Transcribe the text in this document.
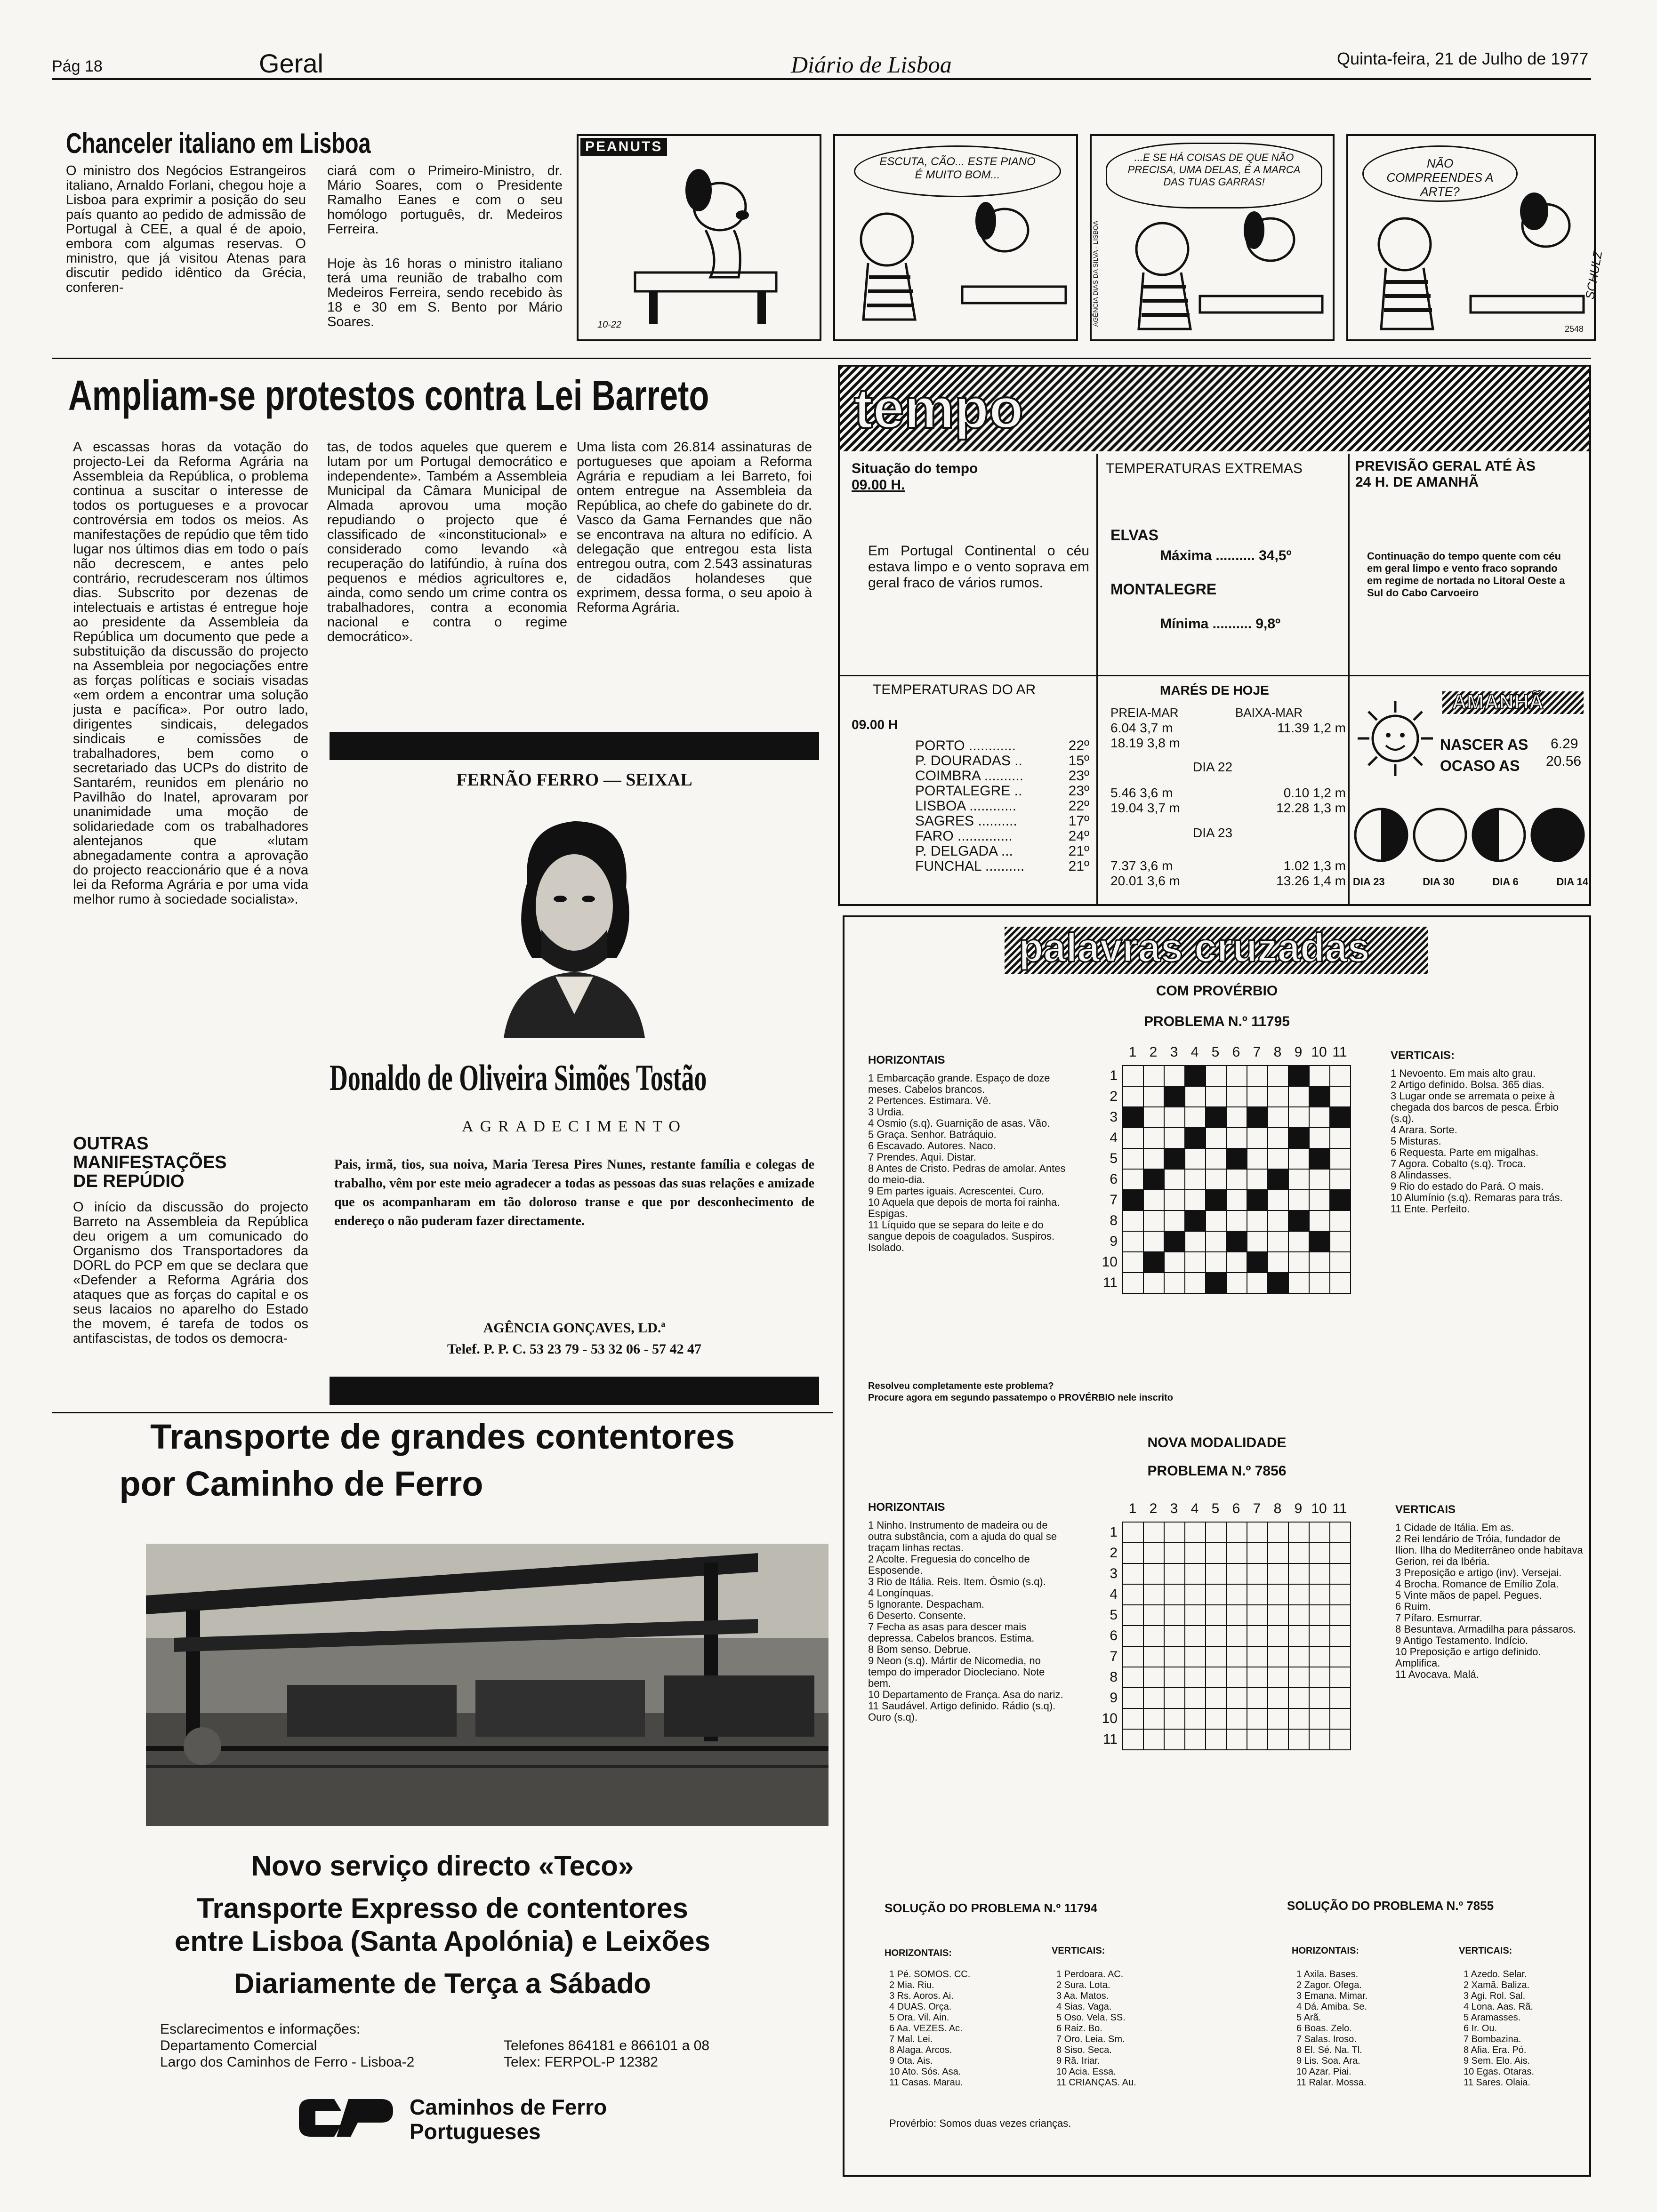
Pág 18	Geral	Diário de Lisboa	Quinta-feira, 21 de Julho de 1977
Chanceler italiano em Lisboa
O ministro dos Negócios Estrangeiros italiano, Arnaldo Forlani, chegou hoje a Lisboa para exprimir a posição do seu país quanto ao pedido de admissão de Portugal à CEE, a qual é de apoio, embora com algumas reservas. O ministro, que já visitou Atenas para discutir pedido idêntico da Grécia, conferen-
ciará com o Primeiro-Ministro, dr. Mário Soares, com o Presidente Ramalho Eanes e com o seu homólogo português, dr. Medeiros Ferreira.
Hoje às 16 horas o ministro italiano terá uma reunião de trabalho com Medeiros Ferreira, sendo recebido às 18 e 30 em S. Bento por Mário Soares.
PEANUTS
10-22
ESCUTA, CÃO... ESTE PIANO É MUITO BOM...
...E SE HÁ COISAS DE QUE NÃO PRECISA, UMA DELAS, É A MARCA DAS TUAS GARRAS!
AGÊNCIA DIAS DA SILVA - LISBOA
NÃO COMPREENDES A ARTE?
SCHULZ
2548
Ampliam-se protestos contra Lei Barreto
A escassas horas da votação do projecto-Lei da Reforma Agrária na Assembleia da República, o problema continua a suscitar o interesse de todos os portugueses e a provocar controvérsia em todos os meios. As manifestações de repúdio que têm tido lugar nos últimos dias em todo o país não decrescem, e antes pelo contrário, recrudesceram nos últimos dias. Subscrito por dezenas de intelectuais e artistas é entregue hoje ao presidente da Assembleia da República um documento que pede a substituição da discussão do projecto na Assembleia por negociações entre as forças políticas e sociais visadas «em ordem a encontrar uma solução justa e pacífica». Por outro lado, dirigentes sindicais, delegados sindicais e comissões de trabalhadores, bem como o secretariado das UCPs do distrito de Santarém, reunidos em plenário no Pavilhão do Inatel, aprovaram por unanimidade uma moção de solidariedade com os trabalhadores alentejanos que «lutam abnegadamente contra a aprovação do projecto reaccionário que é a nova lei da Reforma Agrária e por uma vida melhor rumo à sociedade socialista».
OUTRAS MANIFESTAÇÕES DE REPÚDIO
O início da discussão do projecto Barreto na Assembleia da República deu origem a um comunicado do Organismo dos Transportadores da DORL do PCP em que se declara que «Defender a Reforma Agrária dos ataques que as forças do capital e os seus lacaios no aparelho do Estado the movem, é tarefa de todos os antifascistas, de todos os democra-
tas, de todos aqueles que querem e lutam por um Portugal democrático e independente». Também a Assembleia Municipal da Câmara Municipal de Almada aprovou uma moção repudiando o projecto que é classificado de «inconstitucional» e considerado como levando «à recuperação do latifúndio, à ruína dos pequenos e médios agricultores e, ainda, como sendo um crime contra os trabalhadores, contra a economia nacional e contra o regime democrático».
Uma lista com 26.814 assinaturas de portugueses que apoiam a Reforma Agrária e repudiam a lei Barreto, foi ontem entregue na Assembleia da República, ao chefe do gabinete do dr. Vasco da Gama Fernandes que não se encontrava na altura no edifício. A delegação que entregou esta lista entregou outra, com 2.543 assinaturas de cidadãos holandeses que exprimem, dessa forma, o seu apoio à Reforma Agrária.
FERNÃO FERRO — SEIXAL
Donaldo de Oliveira Simões Tostão
AGRADECIMENTO
Pais, irmã, tios, sua noiva, Maria Teresa Pires Nunes, restante família e colegas de trabalho, vêm por este meio agradecer a todas as pessoas das suas relações e amizade que os acompanharam em tão doloroso transe e que por desconhecimento de endereço o não puderam fazer directamente.
AGÊNCIA GONÇAVES, LD.ª
Telef. P. P. C. 53 23 79 - 53 32 06 - 57 42 47
Transporte de grandes contentores
por Caminho de Ferro
Novo serviço directo «Teco»
Transporte Expresso de contentores
entre Lisboa (Santa Apolónia) e Leixões
Diariamente de Terça a Sábado
Esclarecimentos e informações:
Departamento Comercial
Largo dos Caminhos de Ferro - Lisboa-2
Telefones 864181 e 866101 a 08
Telex: FERPOL-P 12382
Caminhos de Ferro
Portugueses
tempo
Situação do tempo
09.00 H.
Em Portugal Continental o céu estava limpo e o vento soprava em geral fraco de vários rumos.
TEMPERATURAS EXTREMAS
ELVAS
Máxima .......... 34,5º
MONTALEGRE
Mínima .......... 9,8º
PREVISÃO GERAL ATÉ ÀS 24 H. DE AMANHÃ
Continuação do tempo quente com céu em geral limpo e vento fraco soprando em regime de nortada no Litoral Oeste a Sul do Cabo Carvoeiro
TEMPERATURAS DO AR
09.00 H
PORTO ............	22º
P. DOURADAS ..	15º
COIMBRA ..........	23º
PORTALEGRE ..	23º
LISBOA ............	22º
SAGRES ..........	17º
FARO ..............	24º
P. DELGADA ...	21º
FUNCHAL ..........	21º
MARÉS DE HOJE
PREIA-MAR	BAIXA-MAR
6.04 3,7 m	11.39 1,2 m
18.19 3,8 m
DIA 22
5.46 3,6 m	0.10 1,2 m
19.04 3,7 m	12.28 1,3 m
DIA 23
7.37 3,6 m	1.02 1,3 m
20.01 3,6 m	13.26 1,4 m
AMANHÃ
NASCER AS 6.29
OCASO AS 20.56
DIA 23	DIA 30	DIA 6	DIA 14
palavras cruzadas
COM PROVÉRBIO
PROBLEMA N.º 11795
HORIZONTAIS	VERTICAIS:
1 Embarcação grande. Espaço de doze meses. Cabelos brancos.
2 Pertences. Estimara. Vê.
3 Urdia.
4 Osmio (s.q). Guarnição de asas. Vão.
5 Graça. Senhor. Batráquio.
6 Escavado. Autores. Naco.
7 Prendes. Aqui. Distar.
8 Antes de Cristo. Pedras de amolar. Antes do meio-dia.
9 Em partes iguais. Acrescentei. Curo.
10 Aquela que depois de morta foi rainha. Espigas.
11 Líquido que se separa do leite e do sangue depois de coagulados. Suspiros. Isolado.
1 Nevoento. Em mais alto grau.
2 Artigo definido. Bolsa. 365 dias.
3 Lugar onde se arremata o peixe à chegada dos barcos de pesca. Érbio (s.q).
4 Arara. Sorte.
5 Misturas.
6 Requesta. Parte em migalhas.
7 Agora. Cobalto (s.q). Troca.
8 Alindasses.
9 Rio do estado do Pará. O mais.
10 Alumínio (s.q). Remaras para trás.
11 Ente. Perfeito.
1 2 3 4 5 6 7 8 9 10 11
1
2
3
4
5
6
7
8
9
10
11
Resolveu completamente este problema?
Procure agora em segundo passatempo o PROVÉRBIO nele inscrito
NOVA MODALIDADE
PROBLEMA N.º 7856
HORIZONTAIS	VERTICAIS
1 Ninho. Instrumento de madeira ou de outra substância, com a ajuda do qual se traçam linhas rectas.
2 Acolte. Freguesia do concelho de Esposende.
3 Rio de Itália. Reis. Item. Ósmio (s.q).
4 Longínquas.
5 Ignorante. Despacham.
6 Deserto. Consente.
7 Fecha as asas para descer mais depressa. Cabelos brancos. Estima.
8 Bom senso. Debrue.
9 Neon (s.q). Mártir de Nicomedia, no tempo do imperador Diocleciano. Note bem.
10 Departamento de França. Asa do nariz.
11 Saudável. Artigo definido. Rádio (s.q). Ouro (s.q).
1 Cidade de Itália. Em as.
2 Rei lendário de Tróia, fundador de Ilion. Ilha do Mediterrâneo onde habitava Gerion, rei da Ibéria.
3 Preposição e artigo (inv). Versejai.
4 Brocha. Romance de Emílio Zola.
5 Vinte mãos de papel. Pegues.
6 Ruim.
7 Pífaro. Esmurrar.
8 Besuntava. Armadilha para pássaros.
9 Antigo Testamento. Indício.
10 Preposição e artigo definido. Amplifica.
11 Avocava. Malá.
1 2 3 4 5 6 7 8 9 10 11
1
2
3
4
5
6
7
8
9
10
11
SOLUÇÃO DO PROBLEMA N.º 11794	SOLUÇÃO DO PROBLEMA N.º 7855
HORIZONTAIS:	VERTICAIS:	HORIZONTAIS:	VERTICAIS:
1 Pé. SOMOS. CC.
2 Mia. Riu.
3 Rs. Aoros. Ai.
4 DUAS. Orça.
5 Ora. Vil. Ain.
6 Aa. VEZES. Ac.
7 Mal. Lei.
8 Alaga. Arcos.
9 Ota. Ais.
10 Ato. Sós. Asa.
11 Casas. Marau.
1 Perdoara. AC.
2 Sura. Lota.
3 Aa. Matos.
4 Sias. Vaga.
5 Oso. Vela. SS.
6 Raiz. Bo.
7 Oro. Leia. Sm.
8 Siso. Seca.
9 Rã. Iriar.
10 Acia. Essa.
11 CRIANÇAS. Au.
1 Axila. Bases.
2 Zagor. Ofega.
3 Emana. Mimar.
4 Dá. Amiba. Se.
5 Arã.
6 Boas. Zelo.
7 Salas. Iroso.
8 El. Sé. Na. Tl.
9 Lis. Soa. Ara.
10 Azar. Piai.
11 Ralar. Mossa.
1 Azedo. Selar.
2 Xamã. Baliza.
3 Agi. Rol. Sal.
4 Lona. Aas. Rã.
5 Aramasses.
6 Ir. Ou.
7 Bombazina.
8 Afia. Era. Pó.
9 Sem. Elo. Ais.
10 Egas. Otaras.
11 Sares. Olaia.
Provérbio: Somos duas vezes crianças.
